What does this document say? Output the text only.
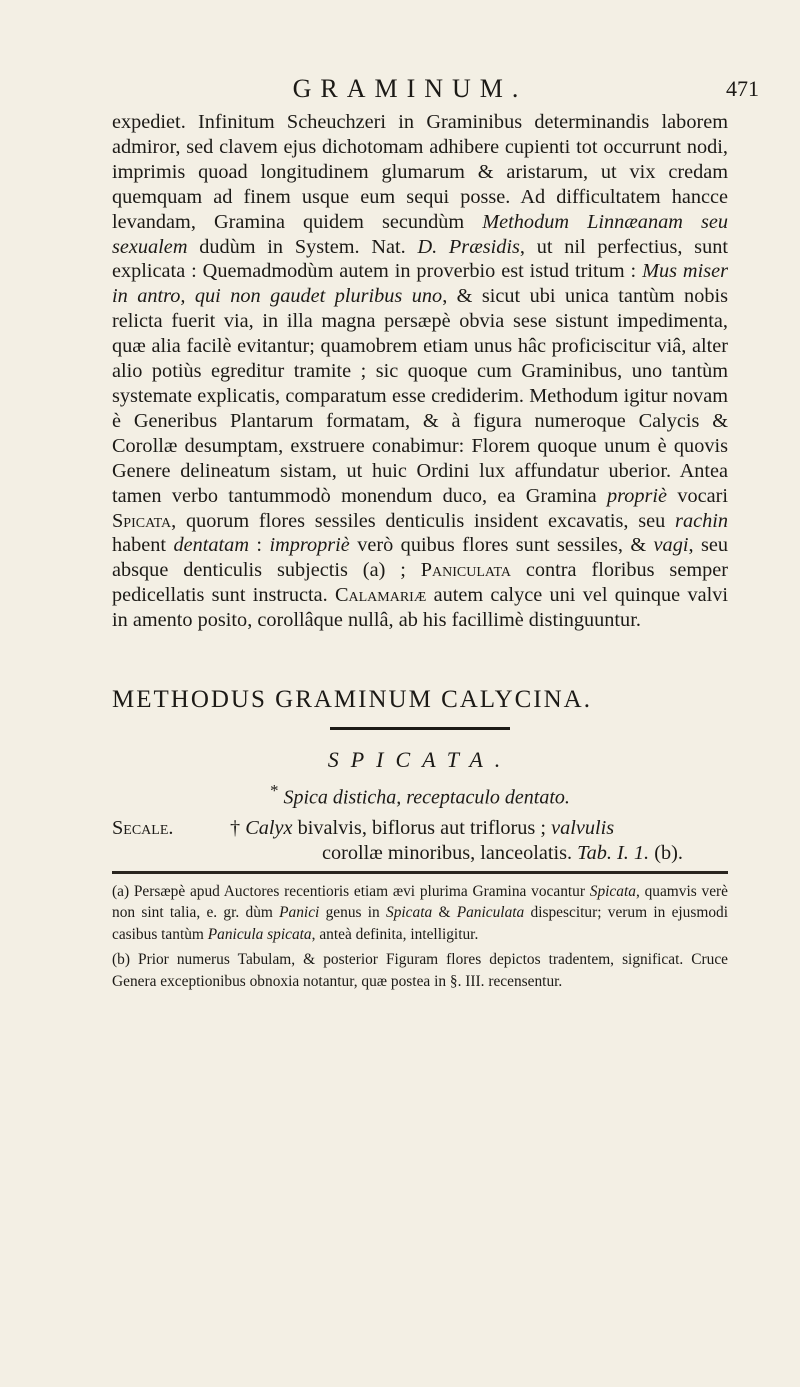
GRAMINUM.	471

expediet. Infinitum Scheuchzeri in Graminibus determinandis laborem admiror, sed clavem ejus dichotomam adhibere cupienti tot occurrunt nodi, imprimis quoad longitudinem glumarum & aristarum, ut vix credam quemquam ad finem usque eum sequi posse. Ad difficultatem hancce levandam, Gramina quidem secundùm Methodum Linnæanam seu sexualem dudùm in System. Nat. D. Præsidis, ut nil perfectius, sunt explicata : Quemadmodùm autem in proverbio est istud tritum : Mus miser in antro, qui non gaudet pluribus uno, & sicut ubi unica tantùm nobis relicta fuerit via, in illa magna persæpè obvia sese sistunt impedimenta, quæ alia facilè evitantur; quamobrem etiam unus hâc proficiscitur viâ, alter alio potiùs egreditur tramite ; sic quoque cum Graminibus, uno tantùm systemate explicatis, comparatum esse crediderim. Methodum igitur novam è Generibus Plantarum formatam, & à figura numeroque Calycis & Corollæ desumptam, exstruere conabimur: Florem quoque unum è quovis Genere delineatum sistam, ut huic Ordini lux affundatur uberior. Antea tamen verbo tantummodò monendum duco, ea Gramina propriè vocari Spicata, quorum flores sessiles denticulis insident excavatis, seu rachin habent dentatam : impropriè verò quibus flores sunt sessiles, & vagi, seu absque denticulis subjectis (a) ; Paniculata contra floribus semper pedicellatis sunt instructa. Calamariæ autem calyce uni vel quinque valvi in amento posito, corollâque nullâ, ab his facillimè distinguuntur.

METHODUS GRAMINUM CALYCINA.
SPICATA.
* Spica disticha, receptaculo dentato.
Secale.	† Calyx bivalvis, biflorus aut triflorus ; valvulis
corollæ minoribus, lanceolatis. Tab. I. 1. (b).

(a) Persæpè apud Auctores recentioris etiam ævi plurima Gramina vocantur Spicata, quamvis verè non sint talia, e. gr. dùm Panici genus in Spicata & Paniculata dispescitur; verum in ejusmodi casibus tantùm Panicula spicata, anteà definita, intelligitur.

(b) Prior numerus Tabulam, & posterior Figuram flores depictos tradentem, significat. Cruce Genera exceptionibus obnoxia notantur, quæ postea in §. III. recensentur.
